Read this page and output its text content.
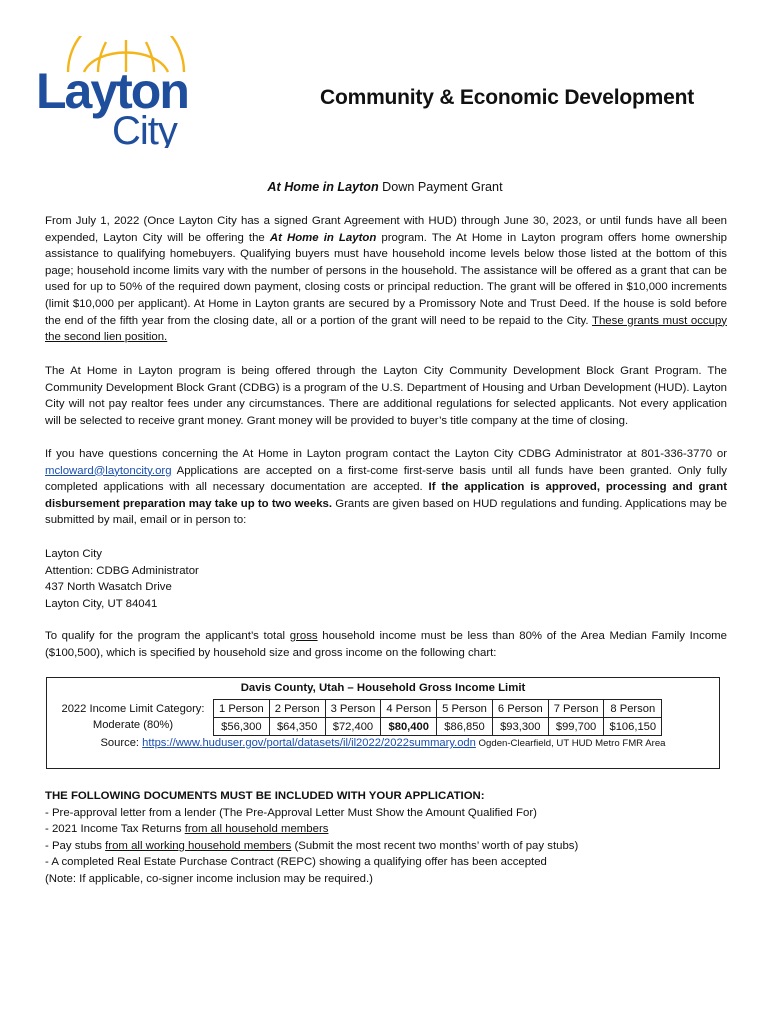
Layton
City
Community & Economic Development
At Home in Layton Down Payment Grant
From July 1, 2022 (Once Layton City has a signed Grant Agreement with HUD) through June 30, 2023, or until funds have all been expended, Layton City will be offering the At Home in Layton program. The At Home in Layton program offers home ownership assistance to qualifying homebuyers. Qualifying buyers must have household income levels below those listed at the bottom of this page; household income limits vary with the number of persons in the household. The assistance will be offered as a grant that can be used for up to 50% of the required down payment, closing costs or principal reduction. The grant will be offered in $10,000 increments (limit $10,000 per applicant). At Home in Layton grants are secured by a Promissory Note and Trust Deed. If the house is sold before the end of the fifth year from the closing date, all or a portion of the grant will need to be repaid to the City. These grants must occupy the second lien position.
The At Home in Layton program is being offered through the Layton City Community Development Block Grant Program. The Community Development Block Grant (CDBG) is a program of the U.S. Department of Housing and Urban Development (HUD). Layton City will not pay realtor fees under any circumstances. There are additional regulations for selected applicants. Not every application will be selected to receive grant money. Grant money will be provided to buyer’s title company at the time of closing.
If you have questions concerning the At Home in Layton program contact the Layton City CDBG Administrator at 801-336-3770 or mcloward@laytoncity.org Applications are accepted on a first-come first-serve basis until all funds have been granted. Only fully completed applications with all necessary documentation are accepted. If the application is approved, processing and grant disbursement preparation may take up to two weeks. Grants are given based on HUD regulations and funding. Applications may be submitted by mail, email or in person to:
Layton City
Attention: CDBG Administrator
437 North Wasatch Drive
Layton City, UT 84041
To qualify for the program the applicant’s total gross household income must be less than 80% of the Area Median Family Income ($100,500), which is specified by household size and gross income on the following chart:
Davis County, Utah – Household Gross Income Limit
2022 Income Limit Category:
Moderate (80%)
1 Person	2 Person	3 Person	4 Person	5 Person	6 Person	7 Person	8 Person
$56,300	$64,350	$72,400	$80,400	$86,850	$93,300	$99,700	$106,150
Source: https://www.huduser.gov/portal/datasets/il/il2022/2022summary.odn Ogden-Clearfield, UT HUD Metro FMR Area
THE FOLLOWING DOCUMENTS MUST BE INCLUDED WITH YOUR APPLICATION:
- Pre-approval letter from a lender (The Pre-Approval Letter Must Show the Amount Qualified For)
- 2021 Income Tax Returns from all household members
- Pay stubs from all working household members (Submit the most recent two months’ worth of pay stubs)
- A completed Real Estate Purchase Contract (REPC) showing a qualifying offer has been accepted
(Note: If applicable, co-signer income inclusion may be required.)
